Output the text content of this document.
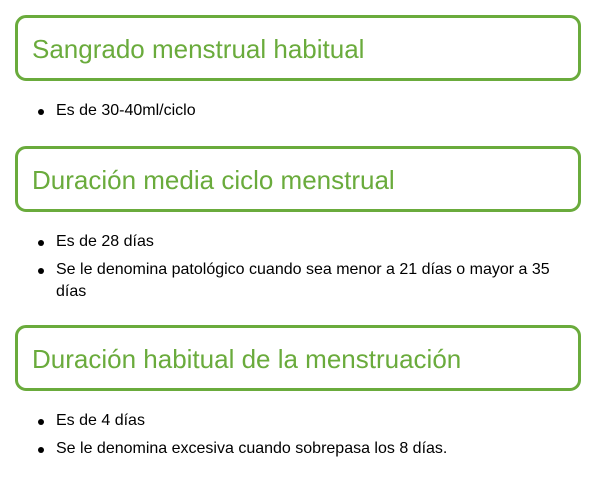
Sangrado menstrual habitual
Es de 30-40ml/ciclo
Duración media ciclo menstrual
Es de 28 días
Se le denomina patológico cuando sea menor a 21 días o mayor a 35 días
Duración habitual de la menstruación
Es de 4 días
Se le denomina excesiva cuando sobrepasa los 8 días.
